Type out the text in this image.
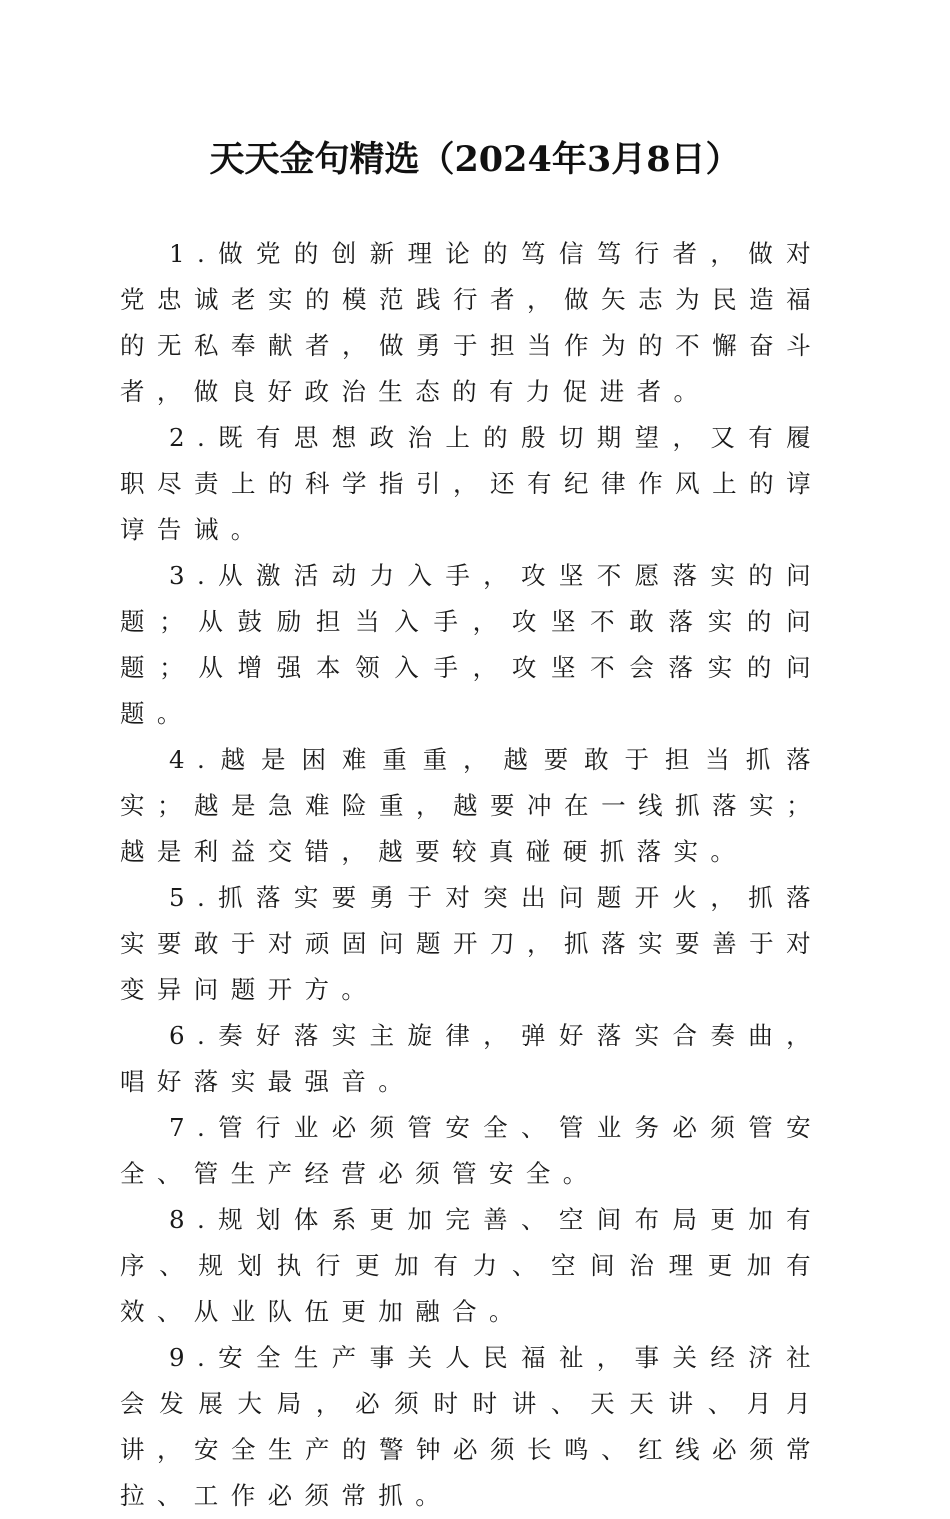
天天金句精选（2024年3月8日）

1.做党的创新理论的笃信笃行者，做对党忠诚老实的模范践行者，做矢志为民造福的无私奉献者，做勇于担当作为的不懈奋斗者，做良好政治生态的有力促进者。

2.既有思想政治上的殷切期望，又有履职尽责上的科学指引，还有纪律作风上的谆谆告诫。

3.从激活动力入手，攻坚不愿落实的问题；从鼓励担当入手，攻坚不敢落实的问题；从增强本领入手，攻坚不会落实的问题。

4.越是困难重重，越要敢于担当抓落实；越是急难险重，越要冲在一线抓落实；越是利益交错，越要较真碰硬抓落实。

5.抓落实要勇于对突出问题开火，抓落实要敢于对顽固问题开刀，抓落实要善于对变异问题开方。

6.奏好落实主旋律，弹好落实合奏曲，唱好落实最强音。

7.管行业必须管安全、管业务必须管安全、管生产经营必须管安全。

8.规划体系更加完善、空间布局更加有序、规划执行更加有力、空间治理更加有效、从业队伍更加融合。

9.安全生产事关人民福祉，事关经济社会发展大局，必须时时讲、天天讲、月月讲，安全生产的警钟必须长鸣、红线必须常拉、工作必须常抓。
